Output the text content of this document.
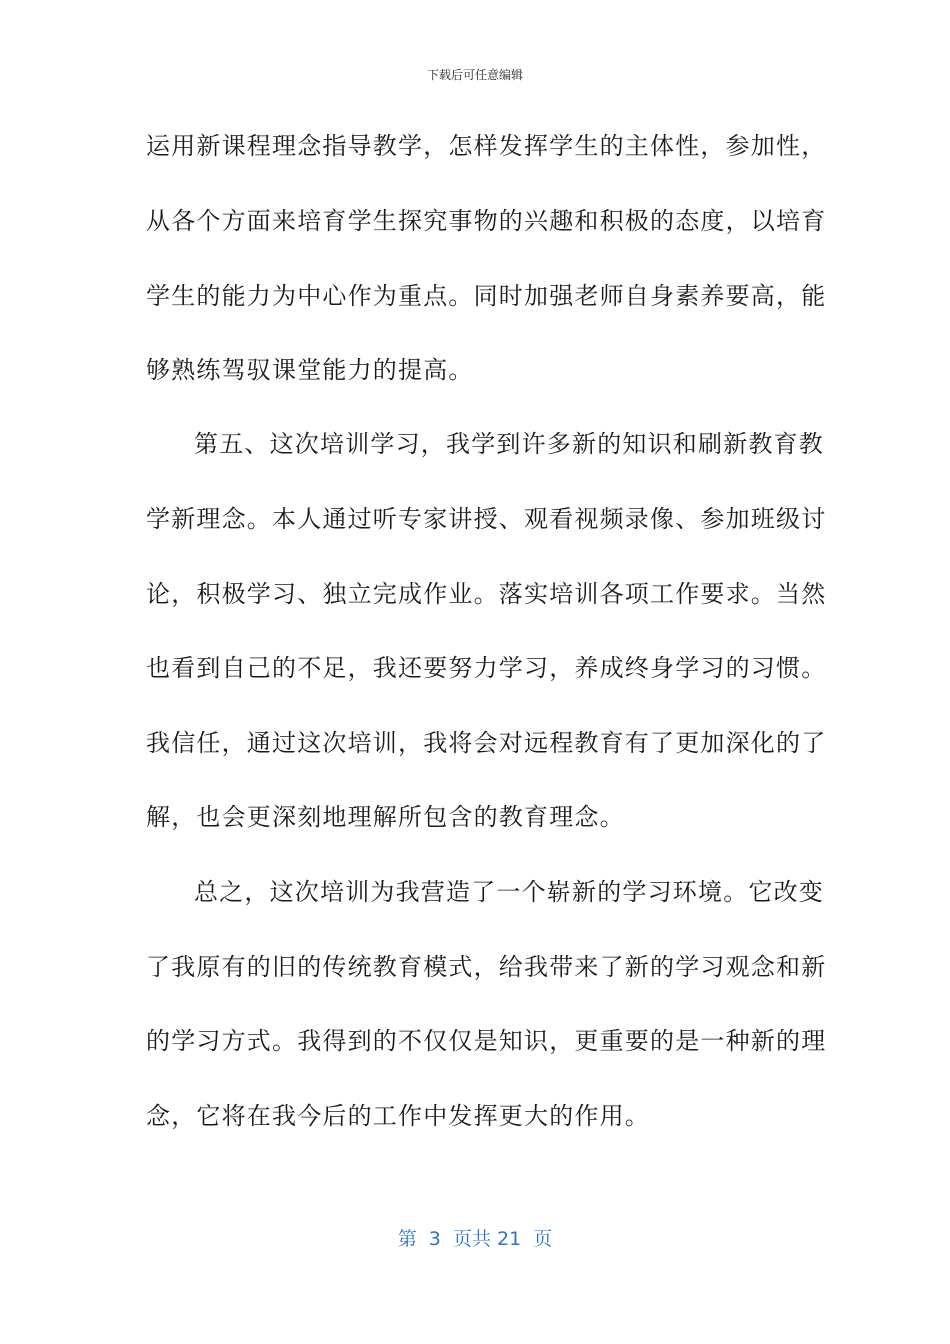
下载后可任意编辑
运用新课程理念指导教学，怎样发挥学生的主体性，参加性，
从各个方面来培育学生探究事物的兴趣和积极的态度，以培育
学生的能力为中心作为重点。同时加强老师自身素养要高，能
够熟练驾驭课堂能力的提高。
第五、这次培训学习，我学到许多新的知识和刷新教育教
学新理念。本人通过听专家讲授、观看视频录像、参加班级讨
论，积极学习、独立完成作业。落实培训各项工作要求。当然
也看到自己的不足，我还要努力学习，养成终身学习的习惯。
我信任，通过这次培训，我将会对远程教育有了更加深化的了
解，也会更深刻地理解所包含的教育理念。
总之，这次培训为我营造了一个崭新的学习环境。它改变
了我原有的旧的传统教育模式，给我带来了新的学习观念和新
的学习方式。我得到的不仅仅是知识，更重要的是一种新的理
念，它将在我今后的工作中发挥更大的作用。
第  3  页共 21  页
